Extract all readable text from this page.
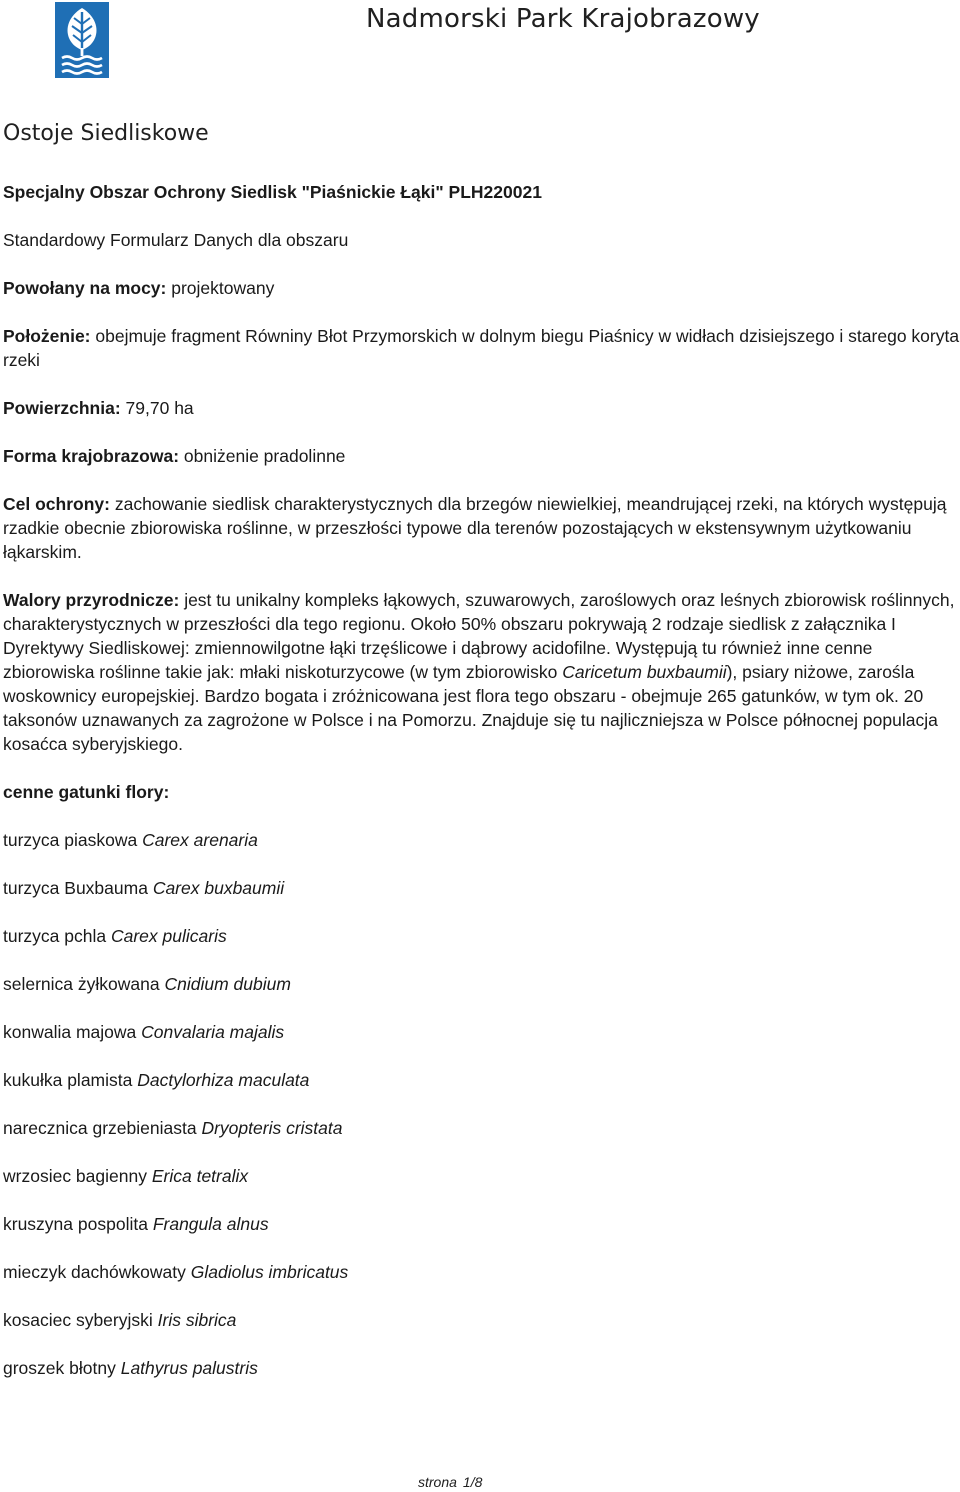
Nadmorski Park Krajobrazowy
Ostoje Siedliskowe

Specjalny Obszar Ochrony Siedlisk "Piaśnickie Łąki" PLH220021

Standardowy Formularz Danych dla obszaru

Powołany na mocy: projektowany

Położenie: obejmuje fragment Równiny Błot Przymorskich w dolnym biegu Piaśnicy w widłach dzisiejszego i starego koryta rzeki

Powierzchnia: 79,70 ha

Forma krajobrazowa: obniżenie pradolinne

Cel ochrony: zachowanie siedlisk charakterystycznych dla brzegów niewielkiej, meandrującej rzeki, na których występują rzadkie obecnie zbiorowiska roślinne, w przeszłości typowe dla terenów pozostających w ekstensywnym użytkowaniu łąkarskim.

Walory przyrodnicze: jest tu unikalny kompleks łąkowych, szuwarowych, zaroślowych oraz leśnych zbiorowisk roślinnych, charakterystycznych w przeszłości dla tego regionu. Około 50% obszaru pokrywają 2 rodzaje siedlisk z załącznika I Dyrektywy Siedliskowej: zmiennowilgotne łąki trzęślicowe i dąbrowy acidofilne. Występują tu również inne cenne zbiorowiska roślinne takie jak: młaki niskoturzycowe (w tym zbiorowisko Caricetum buxbaumii), psiary niżowe, zarośla woskownicy europejskiej. Bardzo bogata i zróżnicowana jest flora tego obszaru - obejmuje 265 gatunków, w tym ok. 20 taksonów uznawanych za zagrożone w Polsce i na Pomorzu. Znajduje się tu najliczniejsza w Polsce północnej populacja kosaćca syberyjskiego.

cenne gatunki flory:

turzyca piaskowa Carex arenaria
turzyca Buxbauma Carex buxbaumii
turzyca pchla Carex pulicaris
selernica żyłkowana Cnidium dubium
konwalia majowa Convalaria majalis
kukułka plamista Dactylorhiza maculata
narecznica grzebieniasta Dryopteris cristata
wrzosiec bagienny Erica tetralix
kruszyna pospolita Frangula alnus
mieczyk dachówkowaty Gladiolus imbricatus
kosaciec syberyjski Iris sibrica
groszek błotny Lathyrus palustris
strona 1/8
